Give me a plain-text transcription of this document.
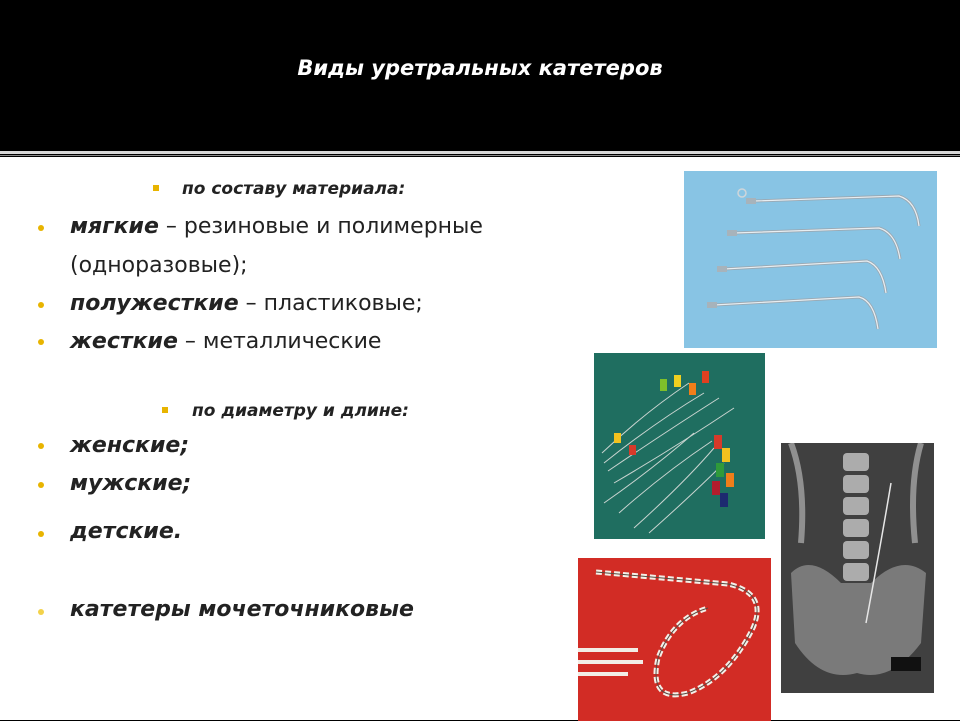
Виды уретральных катетеров
по составу материала:
мягкие – резиновые и полимерные
(одноразовые);
полужесткие – пластиковые;
жесткие – металлические
по диаметру и длине:
женские;
мужские;
детские.
катетеры мочеточниковые
